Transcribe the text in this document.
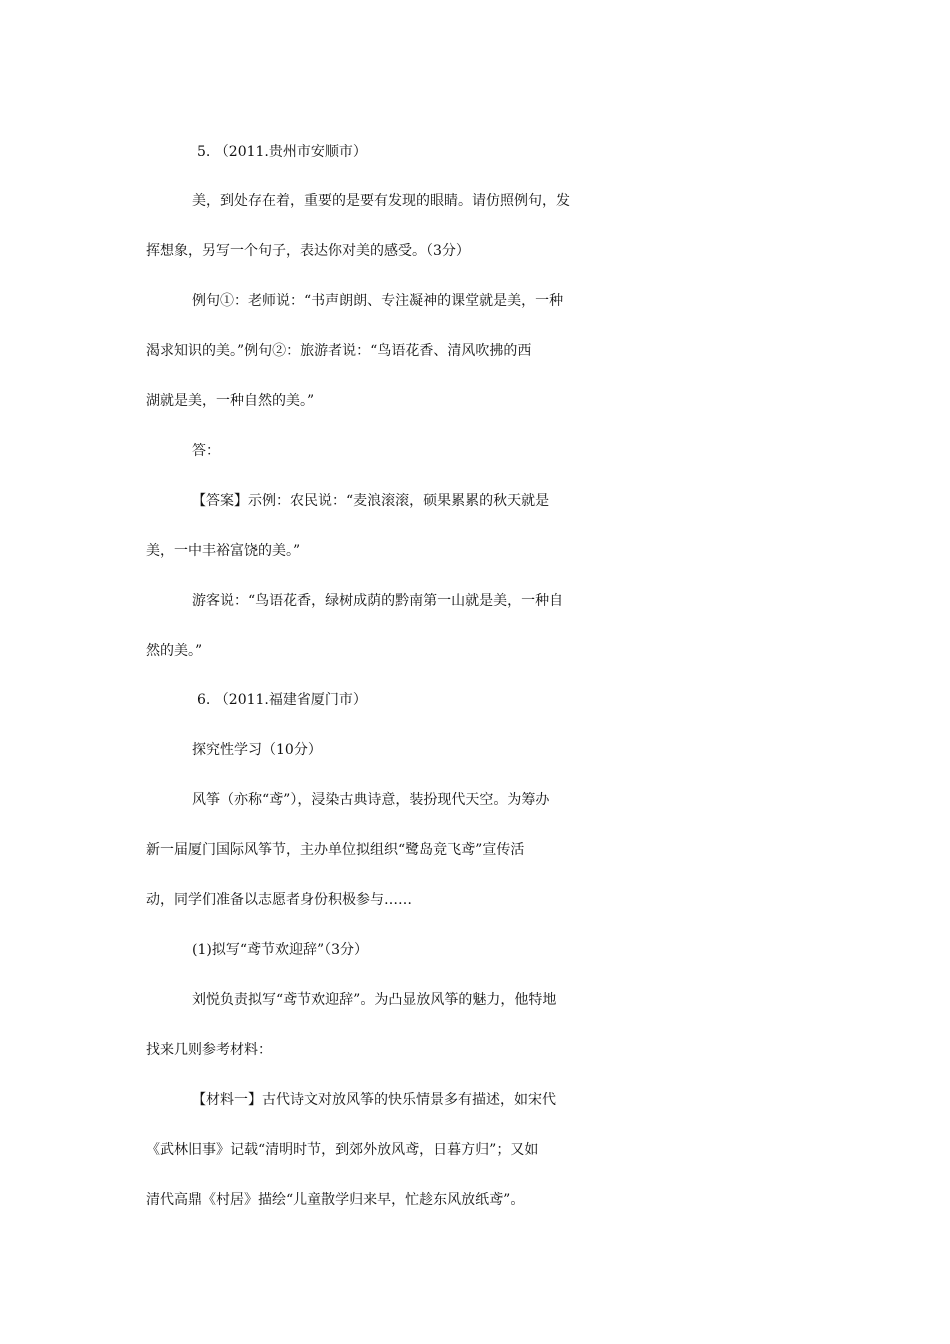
5. （2011.贵州市安顺市）
美，到处存在着，重要的是要有发现的眼睛。请仿照例句，发
挥想象，另写一个句子，表达你对美的感受。（3分）
例句①：老师说：“书声朗朗、专注凝神的课堂就是美，一种
渴求知识的美。”例句②：旅游者说：“鸟语花香、清风吹拂的西
湖就是美，一种自然的美。”
答：
【答案】示例：农民说：“麦浪滚滚，硕果累累的秋天就是
美，一中丰裕富饶的美。”
游客说：“鸟语花香，绿树成荫的黔南第一山就是美，一种自
然的美。”
6. （2011.福建省厦门市）
探究性学习（10分）
风筝（亦称“鸢”），浸染古典诗意，装扮现代天空。为筹办
新一届厦门国际风筝节，主办单位拟组织“鹭岛竞飞鸢”宣传活
动，同学们准备以志愿者身份积极参与……
(1)拟写“鸢节欢迎辞”（3分）
刘悦负责拟写“鸢节欢迎辞”。为凸显放风筝的魅力，他特地
找来几则参考材料：
【材料一】古代诗文对放风筝的快乐情景多有描述，如宋代
《武林旧事》记载“清明时节，到郊外放风鸢，日暮方归”；又如
清代高鼎《村居》描绘“儿童散学归来早，忙趁东风放纸鸢”。
